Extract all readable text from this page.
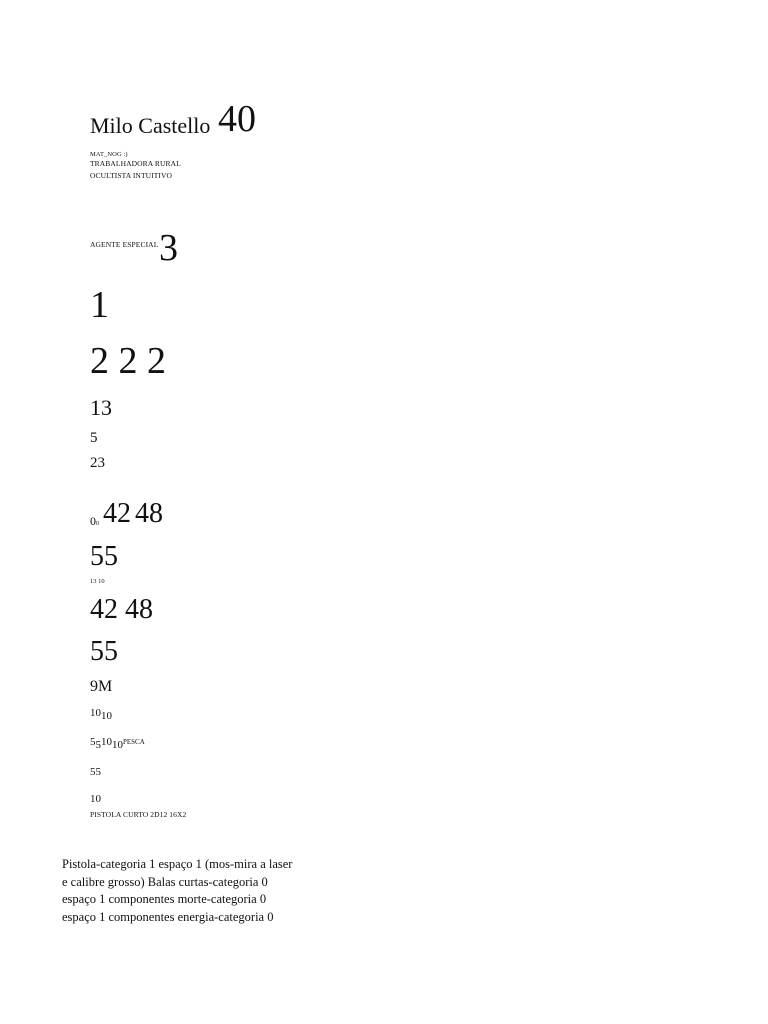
Milo Castello 40
MAT_NOG :)
TRABALHADORA RURAL
OCULTISTA INTUITIVO
AGENTE ESPECIAL 3
1
2 2 2
13
5
23
00 42 48
55
13 10
42 48
55
9M
1010
551010PESCA
55
10
PISTOLA CURTO 2D12 16X2
Pistola-categoria 1 espaço 1 (mos-mira a laser
e calibre grosso) Balas curtas-categoria 0
espaço 1 componentes morte-categoria 0
espaço 1 componentes energia-categoria 0
